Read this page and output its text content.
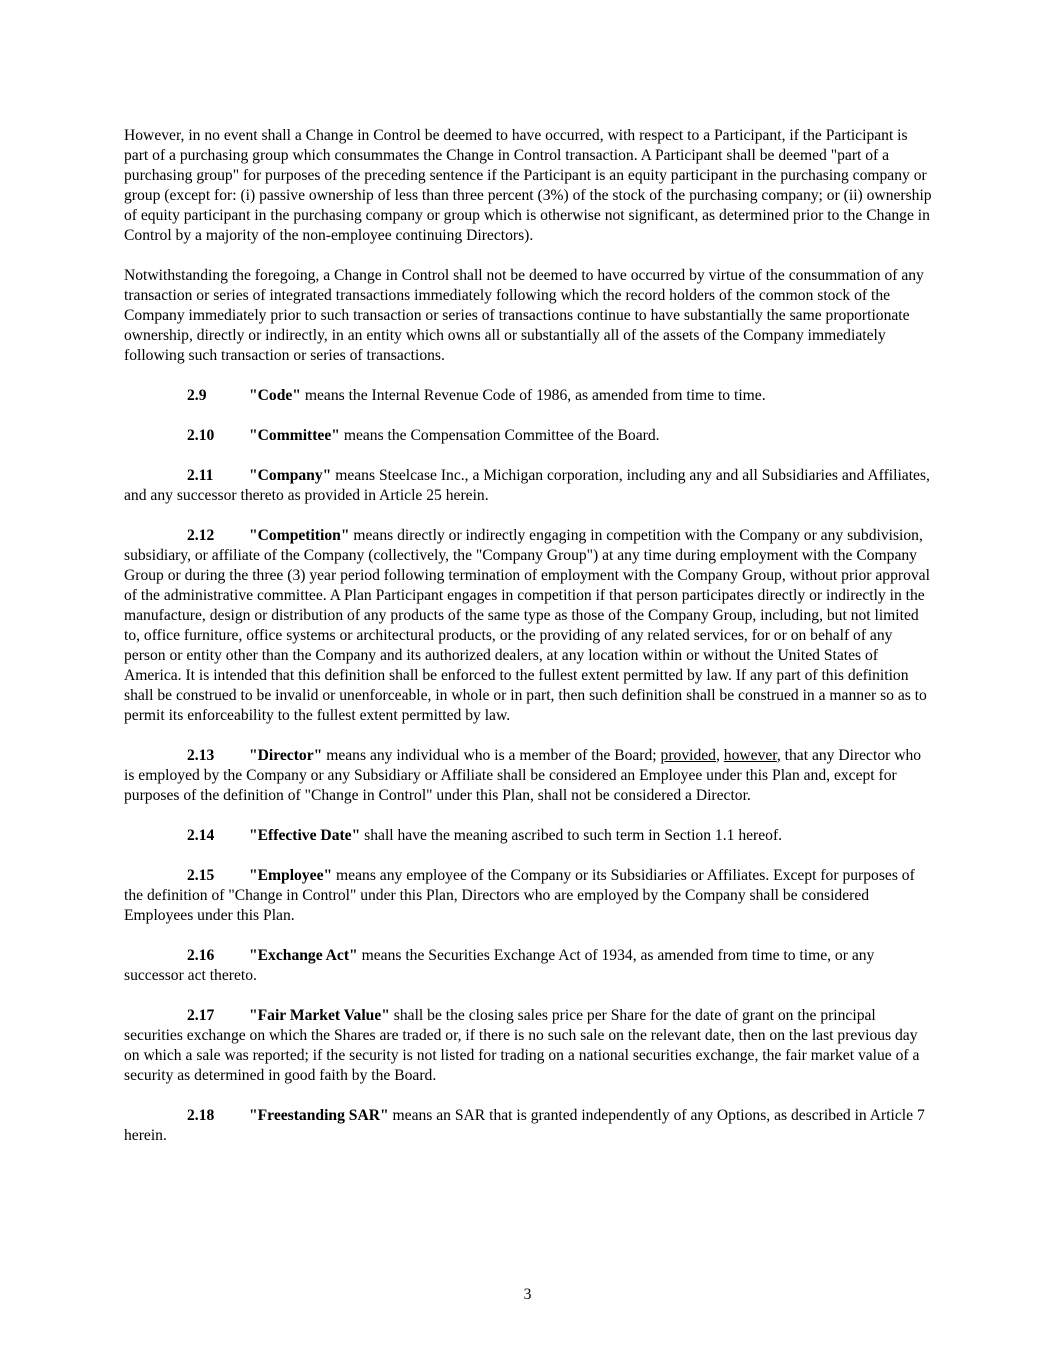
However, in no event shall a Change in Control be deemed to have occurred, with respect to a Participant, if the Participant is part of a purchasing group which consummates the Change in Control transaction. A Participant shall be deemed "part of a purchasing group" for purposes of the preceding sentence if the Participant is an equity participant in the purchasing company or group (except for: (i) passive ownership of less than three percent (3%) of the stock of the purchasing company; or (ii) ownership of equity participant in the purchasing company or group which is otherwise not significant, as determined prior to the Change in Control by a majority of the non-employee continuing Directors).

Notwithstanding the foregoing, a Change in Control shall not be deemed to have occurred by virtue of the consummation of any transaction or series of integrated transactions immediately following which the record holders of the common stock of the Company immediately prior to such transaction or series of transactions continue to have substantially the same proportionate ownership, directly or indirectly, in an entity which owns all or substantially all of the assets of the Company immediately following such transaction or series of transactions.

2.9	"Code" means the Internal Revenue Code of 1986, as amended from time to time.

2.10 "Committee" means the Compensation Committee of the Board.

2.11 "Company" means Steelcase Inc., a Michigan corporation, including any and all Subsidiaries and Affiliates, and any successor thereto as provided in Article 25 herein.

2.12 "Competition" means directly or indirectly engaging in competition with the Company or any subdivision, subsidiary, or affiliate of the Company (collectively, the "Company Group") at any time during employment with the Company Group or during the three (3) year period following termination of employment with the Company Group, without prior approval of the administrative committee. A Plan Participant engages in competition if that person participates directly or indirectly in the manufacture, design or distribution of any products of the same type as those of the Company Group, including, but not limited to, office furniture, office systems or architectural products, or the providing of any related services, for or on behalf of any person or entity other than the Company and its authorized dealers, at any location within or without the United States of America. It is intended that this definition shall be enforced to the fullest extent permitted by law. If any part of this definition shall be construed to be invalid or unenforceable, in whole or in part, then such definition shall be construed in a manner so as to permit its enforceability to the fullest extent permitted by law.

2.13 "Director" means any individual who is a member of the Board; provided, however, that any Director who is employed by the Company or any Subsidiary or Affiliate shall be considered an Employee under this Plan and, except for purposes of the definition of "Change in Control" under this Plan, shall not be considered a Director.

2.14 "Effective Date" shall have the meaning ascribed to such term in Section 1.1 hereof.

2.15 "Employee" means any employee of the Company or its Subsidiaries or Affiliates. Except for purposes of the definition of "Change in Control" under this Plan, Directors who are employed by the Company shall be considered Employees under this Plan.

2.16 "Exchange Act" means the Securities Exchange Act of 1934, as amended from time to time, or any successor act thereto.

2.17 "Fair Market Value" shall be the closing sales price per Share for the date of grant on the principal securities exchange on which the Shares are traded or, if there is no such sale on the relevant date, then on the last previous day on which a sale was reported; if the security is not listed for trading on a national securities exchange, the fair market value of a security as determined in good faith by the Board.

2.18 "Freestanding SAR" means an SAR that is granted independently of any Options, as described in Article 7 herein.

3
